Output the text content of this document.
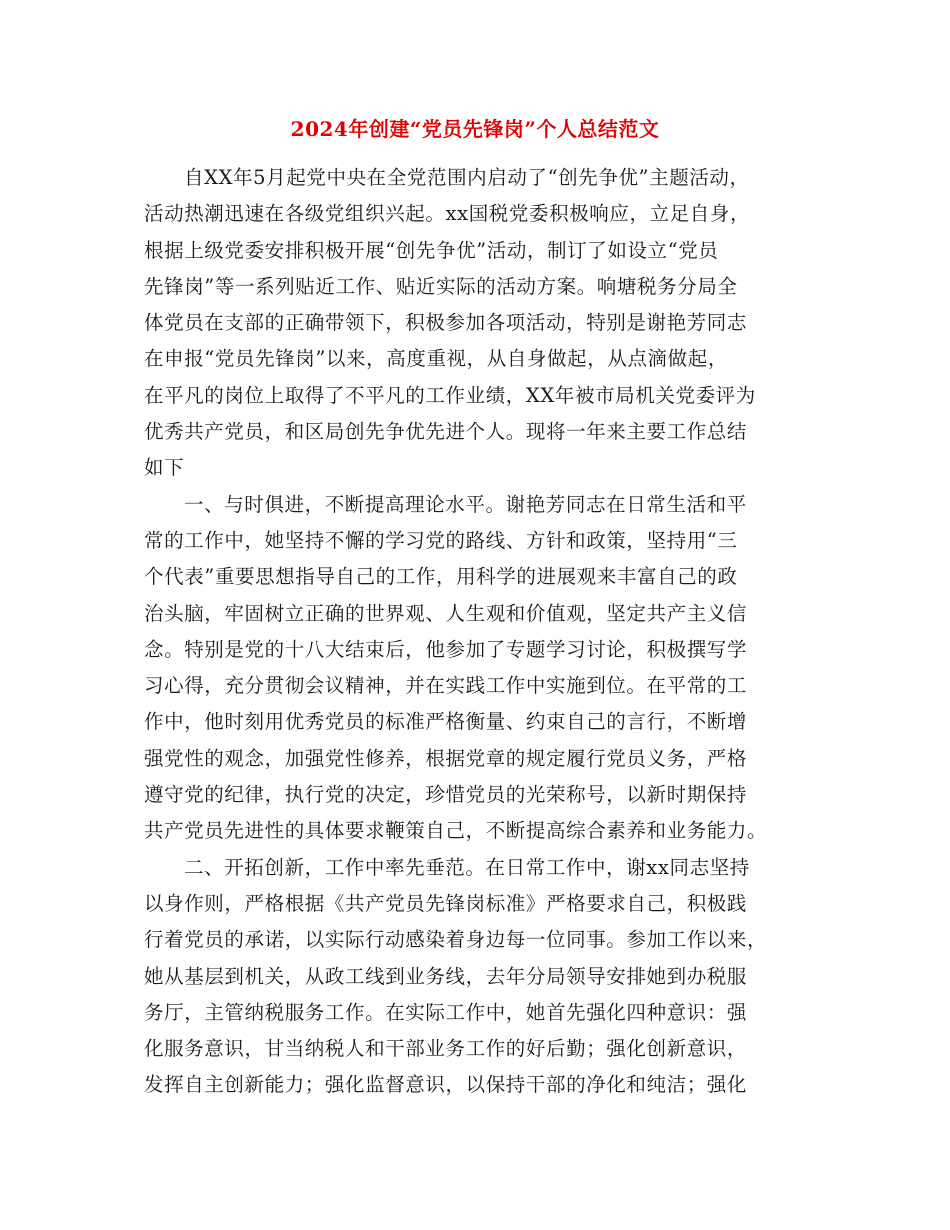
2024年创建“党员先锋岗”个人总结范文
自XX年5月起党中央在全党范围内启动了“创先争优”主题活动，
活动热潮迅速在各级党组织兴起。xx国税党委积极响应，立足自身，
根据上级党委安排积极开展“创先争优”活动，制订了如设立“党员
先锋岗”等一系列贴近工作、贴近实际的活动方案。响塘税务分局全
体党员在支部的正确带领下，积极参加各项活动，特别是谢艳芳同志
在申报“党员先锋岗”以来，高度重视，从自身做起，从点滴做起，
在平凡的岗位上取得了不平凡的工作业绩，XX年被市局机关党委评为
优秀共产党员，和区局创先争优先进个人。现将一年来主要工作总结
如下
一、与时俱进，不断提高理论水平。谢艳芳同志在日常生活和平
常的工作中，她坚持不懈的学习党的路线、方针和政策，坚持用“三
个代表”重要思想指导自己的工作，用科学的进展观来丰富自己的政
治头脑，牢固树立正确的世界观、人生观和价值观，坚定共产主义信
念。特别是党的十八大结束后，他参加了专题学习讨论，积极撰写学
习心得，充分贯彻会议精神，并在实践工作中实施到位。在平常的工
作中，他时刻用优秀党员的标准严格衡量、约束自己的言行，不断增
强党性的观念，加强党性修养，根据党章的规定履行党员义务，严格
遵守党的纪律，执行党的决定，珍惜党员的光荣称号，以新时期保持
共产党员先进性的具体要求鞭策自己，不断提高综合素养和业务能力。
二、开拓创新，工作中率先垂范。在日常工作中，谢xx同志坚持
以身作则，严格根据《共产党员先锋岗标准》严格要求自己，积极践
行着党员的承诺，以实际行动感染着身边每一位同事。参加工作以来，
她从基层到机关，从政工线到业务线，去年分局领导安排她到办税服
务厅，主管纳税服务工作。在实际工作中，她首先强化四种意识：强
化服务意识，甘当纳税人和干部业务工作的好后勤；强化创新意识，
发挥自主创新能力；强化监督意识，以保持干部的净化和纯洁；强化
